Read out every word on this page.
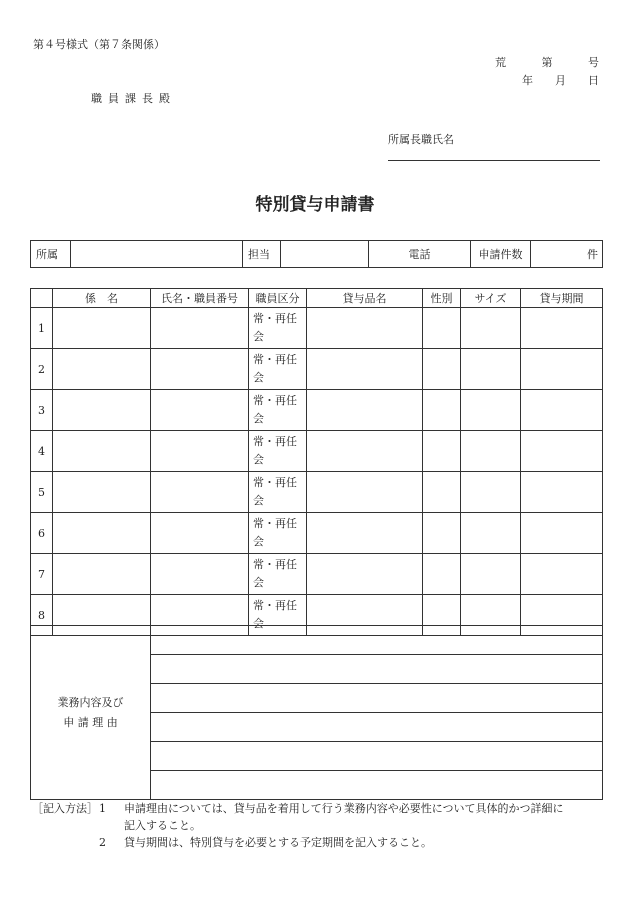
第４号様式（第７条関係）
荒	第	号
年 月 日
職員課長殿
所属長職氏名
特別貸与申請書
所属		担当		電話	申請件数	件
	係　名	氏名・職員番号	職員区分	貸与品名	性別	サイズ	貸与期間
1			常・再任会				
2			常・再任会				
3			常・再任会				
4			常・再任会				
5			常・再任会				
6			常・再任会				
7			常・再任会				
8			常・再任会				
業務内容及び
申 請 理 由

［記入方法］ 1	申請理由については、貸与品を着用して行う業務内容や必要性について具体的かつ詳細に
記入すること。
2	貸与期間は、特別貸与を必要とする予定期間を記入すること。
